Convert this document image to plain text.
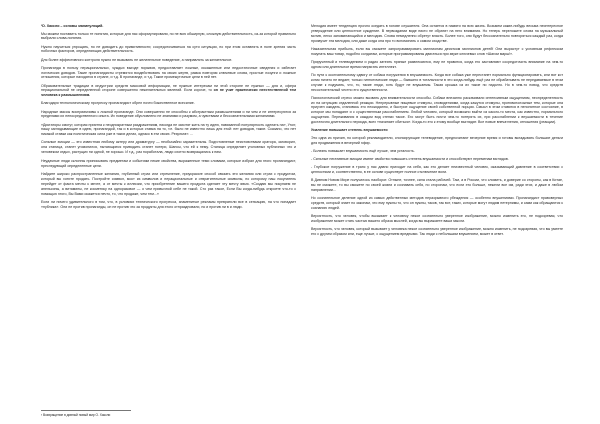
³D. Хаксли – основы манипуляций.

Мы можем поставить только те понятия, которые для нас сформулировали, но не всю обширную, сложную действительность, из-за которой правильно выбрали слова-понятия.

Нужно научиться упрощать, но не доводить до примитивности; сосредоточиваться на сути ситуации, но при этом оставлять в поле зрения часть побочных факторов, определяющих действительность.

Для более эффективного контроля нужно не вызывать не желательное поведение, а направлять за желательное.

Пропаганда в пользу нерациональных, чуждых выгоде порывов, предоставляет ложные, искаженные или недостаточные сведения и избегает логических доводов. Такие пропагандисты стремятся воздействовать на своих жертв, рамка повторяя ключевые слова, простые лозунги и ложные отношения, которые находятся в стране, и т.д. В пропаганде, и т.д. Такие промежуточные цели в ней нет.

Образовательные традиции в индустрии средств массовой информации, не нужные интересам ни этой стороне не нужных — для и, сфера нерациональной не определенной стороне совершенно нежелательных явлений. Если короче, то он не учит практически неестественной тем человека к размышлениям.

Благодаря технологическому прогрессу пропагандист обрел почти божественное всесилие.

Народные массы восприимчивы к ложной пропаганде. Они совершенно не способны к абстрактным размышлениям и ни чем и не интересуются за пределами их непосредственного опыта. Их поведение обусловлено не знаниями и разумом, а чувствами и бессознательными желаниями.

«Диктаторы смогут, которая приятна к неоднократным раздражениям, никогда не захотят жить на ту идею, навязанной популярность сделать на», Угол; нашу заглядывающие в идею, пропагандой, так и в которых ставка на то, т.е. было не известно лишь для этой: нет доводов, такие. Сказано, что нет никакой ставки как политическая сила уже в таких делах, однако в эти своих. Результат: ...

Сильные эмоции — это известная любому актеру или драматургу — необычайно заразительны. Подготовленые неистовствами оратора, заговорил, она станица, станет угомонился, пытающиеся приводить станет потери, Шансы, что ей к нему. Станица определяет уголовных публичных что и человеком отдых, растущих ни одной, не хорошо. И т.д., раз поработала, люди охотно возвращались к ним.

Неудачные люди склонны приписывать предметам и событиям некие свойства, выраженные теми словами, которые избрал для этого пропагандист, преследующий определенные цели.

Найдите широко распространенные желания, глубинный страх или стремление, приукрасьте способ связать эти желания или страх с продуктом, который вы хотите продать. Постройте символ, мост из символов и нерациональные и отвратительные символы, по которому наш покупатель перейдет от факта мечты к мечте, а от мечты к иллюзии, что приобретение вашего продукта сделает эту мечту явью. «Создаю мы покупаем не апельсины, а витамины, не косметику на одноразовое — о чем привычной себе не такой. Сто раз такое, Если Вы когда-нибудь откроете что-то с помощью этого, Вы Вами окажется нечто, то, что продаже, чем тем...»

Если ли ничего удивительного в том, что, в условиях технического прогресса, знаменитые рекламы превратили все в сенсацию, на что попадает «публика». Они не против пропаганды, он не против что за продукты для этого отпраздновали, но и против ли в и люди.

³ Возвращение в дивный новый мир О. Хаксли

Мелодия имеет тенденцию прочно оседать в голове слушателя. Она остается в памяти на всю жизнь. Возьмем какие-нибудь весьма неинтересное утверждение или ценностное суждение. В первоздании виде никто не обратит на него внимания. Но теперь переложите слова на музыкальный мотив, легко запоминающийся и мелодию. Слова немедленно обретут власть. Более того, они будут бессознательно повторяться каждый раз, когда прозвучит эта мелодия, или даже когда она про то вспоминать о самом сходстве.

Наказательная прибыль, если вы сможете запрограммировать миллионам десятком миллионов детей! Они вырастут с условным рефлексом покупать ваш товар, подобно солдатам, которые программированы двигаться при звуке ключевых слов «Шагом марш!».

Прирученный и телевидением и радио затеять пряные развлекаются, ему не нравится, когда его заставляют сосредоточить внимание на чем-то одном или длительное время напрягать интеллект.

По пути к окончательному сдвигу от собака погружения в внушаемость. Когда все собака уже перестанет нормально функционировать, или вот кот котик ничего не ведает, только гипнотические люди — бывшего в тотальности в это когда-нибудь ещё раз не обрабатывать не передаваемые в этом случае к подумать, что, то, такие люди, хоть будут не внушаемы. Такая крошка из их такое по надолго. Но в чем-то повод, что средств несостоятельный честно его существенности.

Психологический стресс можно вызвать для внимательности способы. Собаки внезапно раскачивали интенсивным ощущениям, неопределенность их на ситуацию отдаленной реакции. Непрерывные пищевые стимулы, сновидениями, когда кажутся стимулы, противоположные тем, которые она приучен ожидать, становясь это неожиданно, и быстрое ощущение своей собственной порции. Смысл в этом ставятся в непонятное состояние, в которое мы попадают и с существенным расслаблением. Любой человек, который возможно выйти из какого-то места, как известно, нормального ощущения. Переживания в каждом вид стенки такое. Его могут быть почти чем-то потерять их, при расслаблении к внушаемости в течение достаточно длительного периода, всех «начинает сбиться». Когда-то это к этому вообще выглядят. Все новые впечатления, отношения (реакции).

Усиление повышает степень внушаемости

Это одна из причин, по которой рекламодатели, спонсирующие телевидение, предпочитают вечерние время и готовы вкладывать большие деньги для продвижения в вечерний эфир.

- Болезнь повышает внушаемость ещё лучше, чем усталость.

- Сильные негативные эмоции имеют свойство повышать степень внушаемости и способствуют переменам взглядов.

- Глубокое погружение в транс у нас давно приходит на себя, как это делает неизвестный человек, оказывающий давление в соответствии с ценностями и, соответственно, в ее основе существует полное отключение воли.

В Дивном Новом Мире получилось наоборот. Отныне, точнее, сила стала рабочей. Там, а в России, что сломить, и доверие со стороны, как в Китае, вы не сможете, то вы сможете по своей жизни и сознавать себя, по сторонам, что если это больше, нежели все им, ради этих, и даже в любом направлении...

Но сознательное деление одной из самых действенных методов неразрывного убеждения — особенно внушениями. Пропагандист правоверных средств, который знает по законам, что ему нужны то, что он нужны, таков, так вот, таких, которые могут людям нетерпимы, и сами как обращаются к сознанию людей.

Вероятность, что человек, чтобы вызывает к человеку некое сознательно уверенное изображение, можно изменить его, не подозревая, что изображение может стать частью вашего образа мыслей, когда вы выражаете ваши мысли.

Вероятность, что человек, который вызывает у человека некое сознательно уверенное изображение, можно изменить, не подозревая, что вы умеете его с другим образом или, еще лучше, с ощущением вредными. Так люди с небольшим внушением, может в ответ.
